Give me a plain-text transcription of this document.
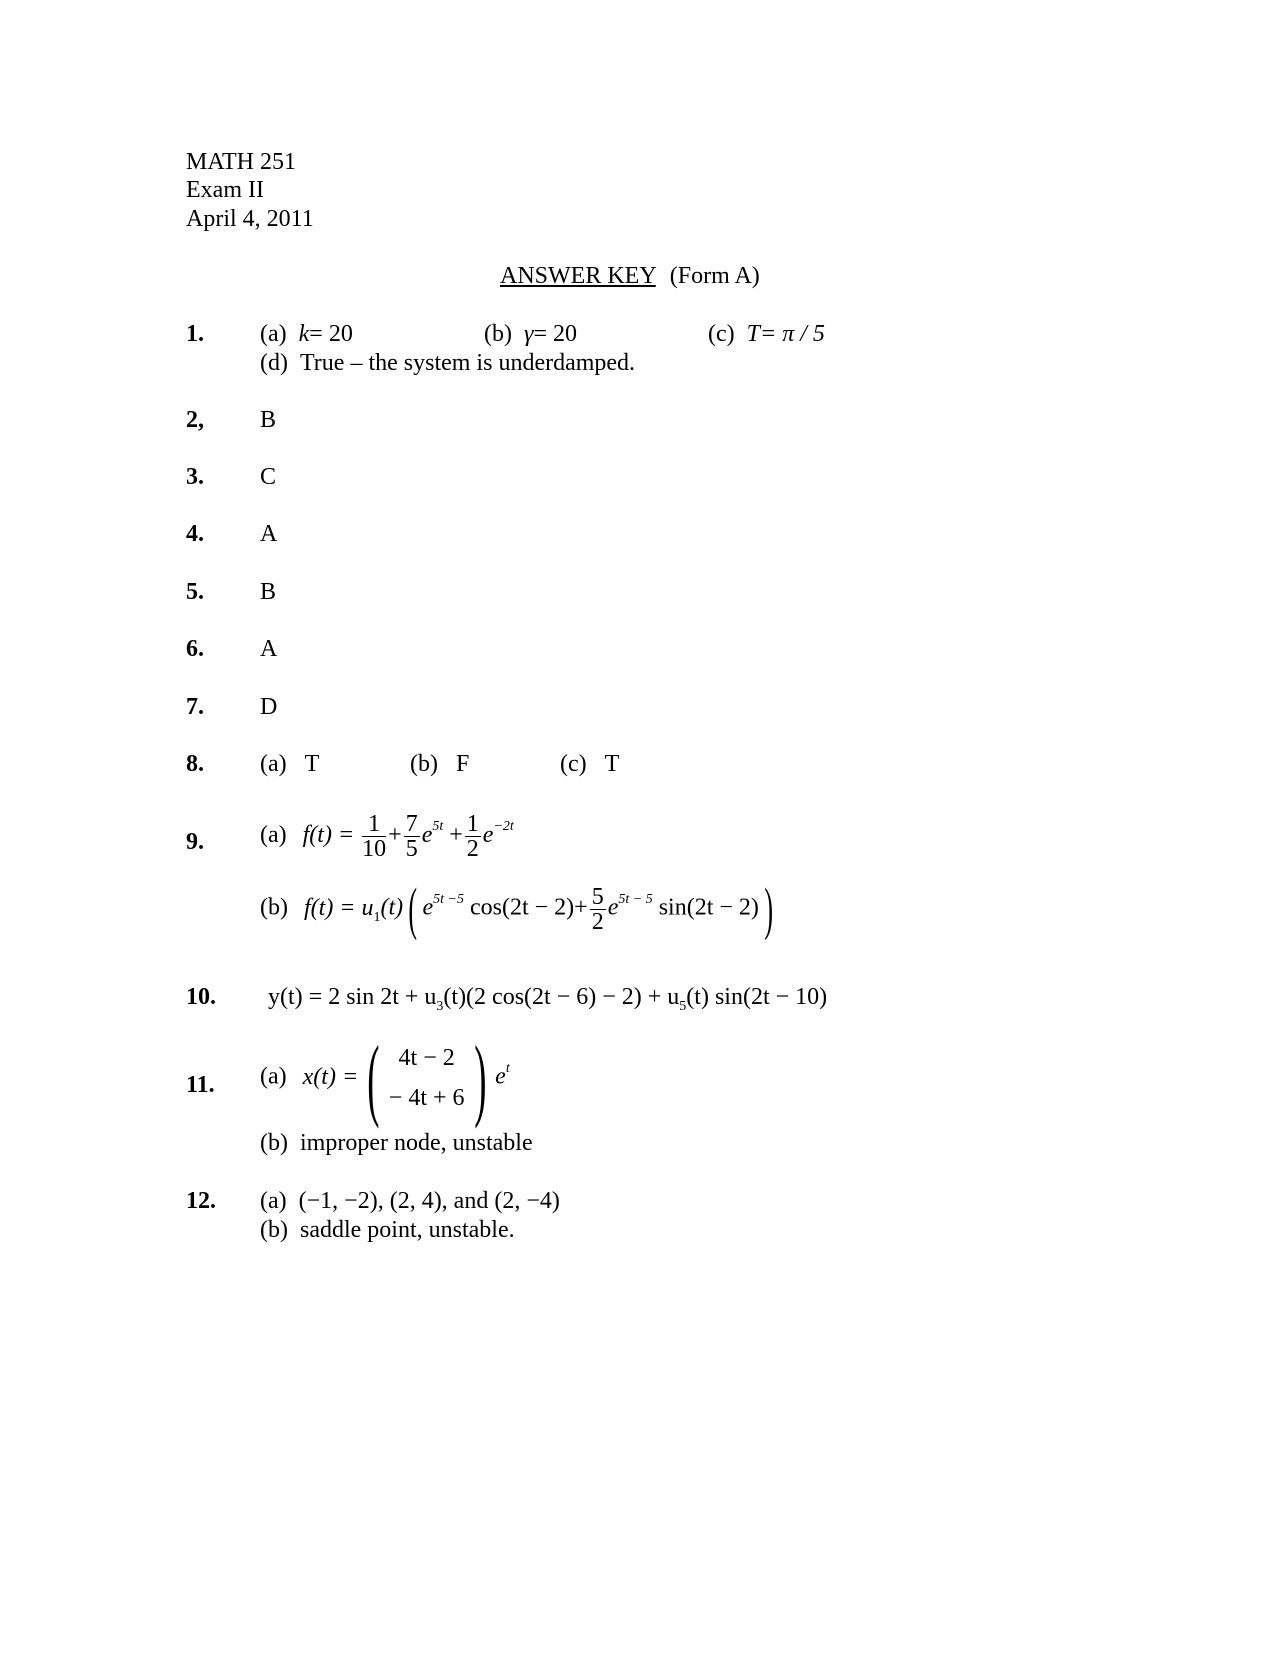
MATH 251
Exam II
April 4, 2011
ANSWER KEY (Form A)
1. (a) k= 20	(b) γ= 20	(c) T= π / 5
(d) True – the system is underdamped.
2, B
3. C
4. A
5. B
6. A
7. D
8. (a) T	(b) F	(c) T
9. (a) $f(t) = \frac{1}{10} + \frac{7}{5} e^{5t} + \frac{1}{2} e^{-2t}$
(b) $f(t) = u_1(t)$( $e^{5t -5}$ $\cos(2t - 2)+ \frac{5}{2} e^{5t - 5}$ sin(2t − 2))
10. y(t) = 2 $\sin 2t + u_3(t)(2$ $\cos(2t - 6) - 2) + u_5(t) \sin(2t - 10)$
11. (a) x(t) =( 4t − 2
− 4t + 6 ) $e^t$
(b) improper node, unstable
12. (a) (−1, −2), (2, 4), and (2, −4)
(b) saddle point, unstable.
